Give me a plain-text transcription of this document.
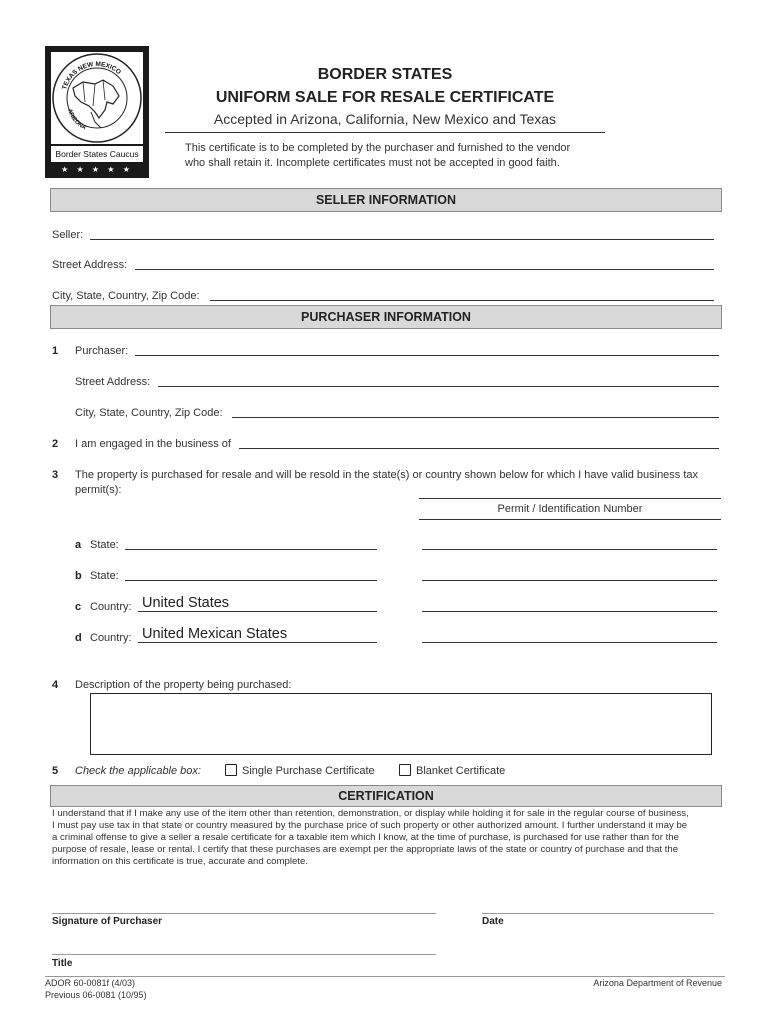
TEXAS NEW MEXICO
ARIZONA
Border States Caucus
★ ★ ★ ★ ★
BORDER STATES
UNIFORM SALE FOR RESALE CERTIFICATE
Accepted in Arizona, California, New Mexico and Texas
This certificate is to be completed by the purchaser and furnished to the vendor
who shall retain it. Incomplete certificates must not be accepted in good faith.
SELLER INFORMATION
Seller:
Street Address:
City, State, Country, Zip Code:
PURCHASER INFORMATION
1 Purchaser:
Street Address:
City, State, Country, Zip Code:
2 I am engaged in the business of
3 The property is purchased for resale and will be resold in the state(s) or country shown below for which I have valid business tax
permit(s):
Permit / Identification Number
a State:
b State:
c Country: United States
d Country: United Mexican States
4 Description of the property being purchased:
5 Check the applicable box:	Single Purchase Certificate	Blanket Certificate
CERTIFICATION
I understand that if I make any use of the item other than retention, demonstration, or display while holding it for sale in the regular course of business,
I must pay use tax in that state or country measured by the purchase price of such property or other authorized amount. I further understand it may be
a criminal offense to give a seller a resale certificate for a taxable item which I know, at the time of purchase, is purchased for use rather than for the
purpose of resale, lease or rental. I certify that these purchases are exempt per the appropriate laws of the state or country of purchase and that the
information on this certificate is true, accurate and complete.
Signature of Purchaser	Date
Title
ADOR 60-0081f (4/03)
Previous 06-0081 (10/95)
Arizona Department of Revenue
